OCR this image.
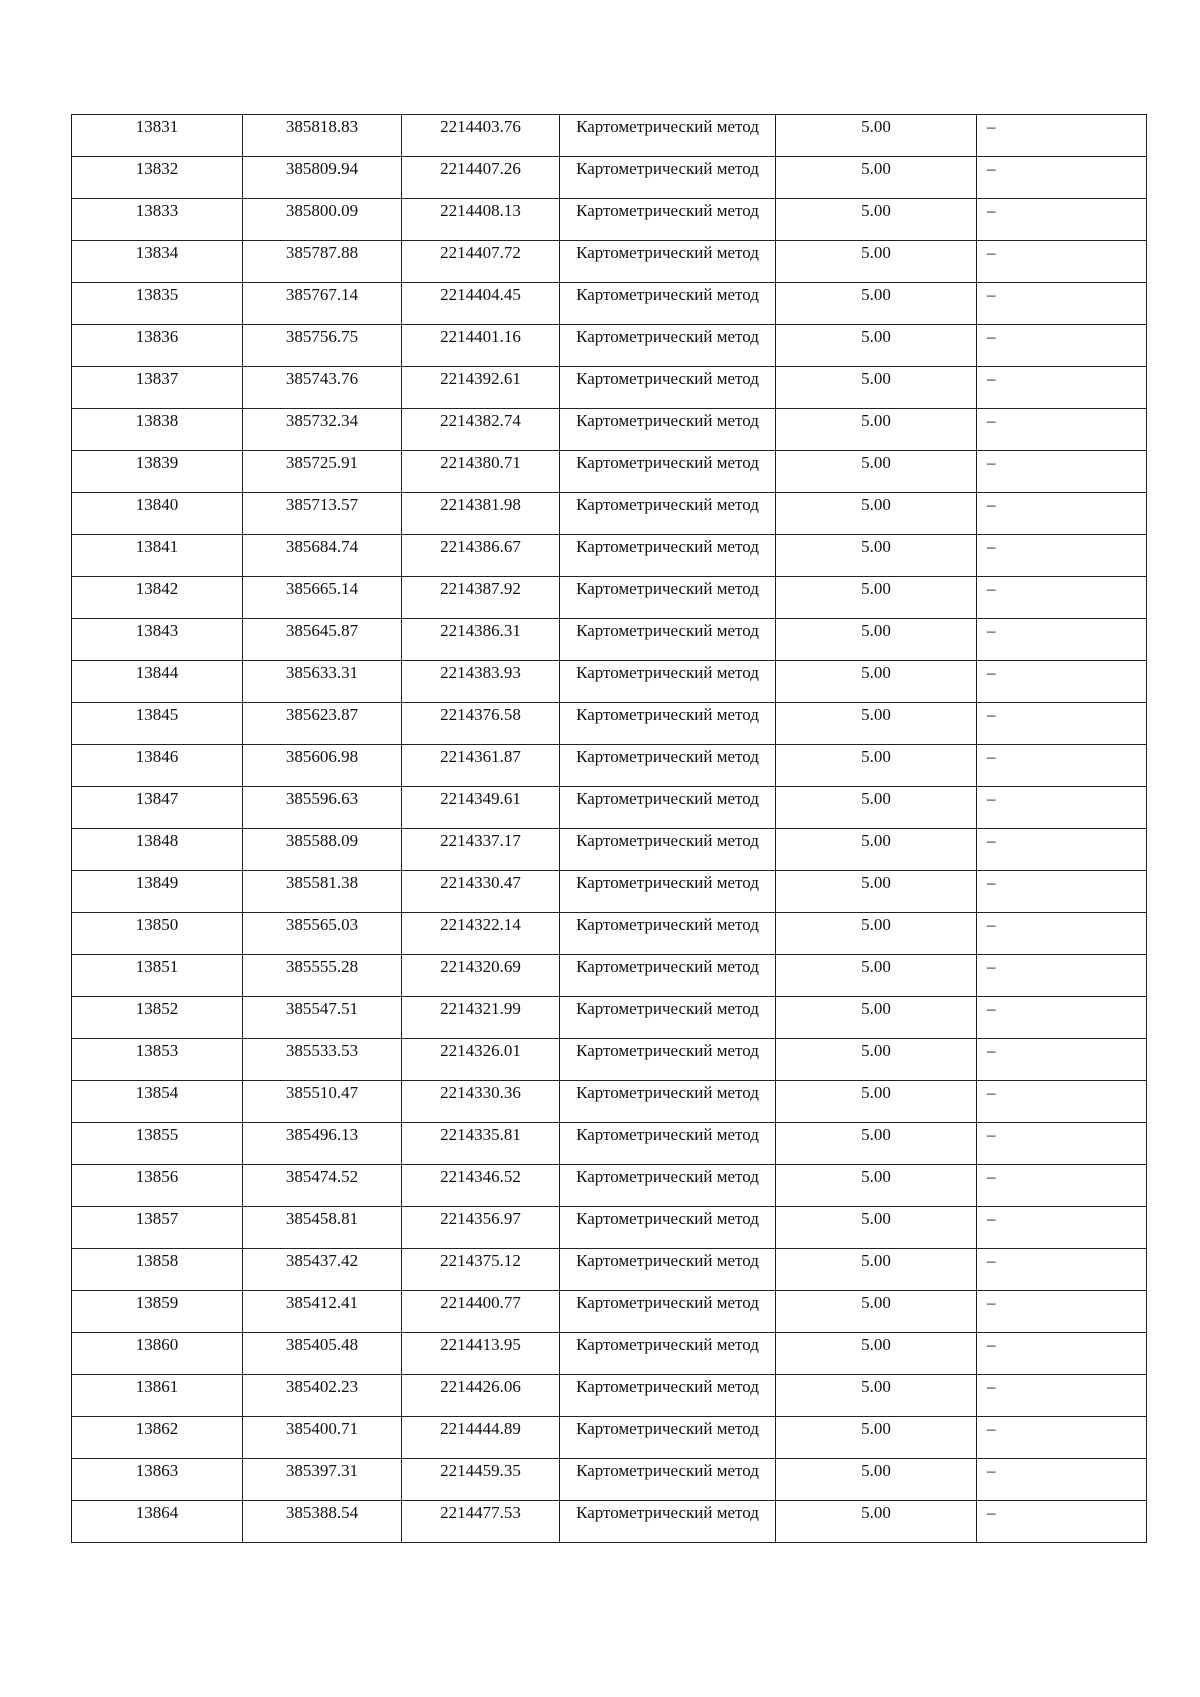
13831	385818.83	2214403.76	Картометрический метод	5.00	–

13832	385809.94	2214407.26	Картометрический метод	5.00	–

13833	385800.09	2214408.13	Картометрический метод	5.00	–

13834	385787.88	2214407.72	Картометрический метод	5.00	–

13835	385767.14	2214404.45	Картометрический метод	5.00	–

13836	385756.75	2214401.16	Картометрический метод	5.00	–

13837	385743.76	2214392.61	Картометрический метод	5.00	–

13838	385732.34	2214382.74	Картометрический метод	5.00	–

13839	385725.91	2214380.71	Картометрический метод	5.00	–

13840	385713.57	2214381.98	Картометрический метод	5.00	–

13841	385684.74	2214386.67	Картометрический метод	5.00	–

13842	385665.14	2214387.92	Картометрический метод	5.00	–

13843	385645.87	2214386.31	Картометрический метод	5.00	–

13844	385633.31	2214383.93	Картометрический метод	5.00	–

13845	385623.87	2214376.58	Картометрический метод	5.00	–

13846	385606.98	2214361.87	Картометрический метод	5.00	–

13847	385596.63	2214349.61	Картометрический метод	5.00	–

13848	385588.09	2214337.17	Картометрический метод	5.00	–

13849	385581.38	2214330.47	Картометрический метод	5.00	–

13850	385565.03	2214322.14	Картометрический метод	5.00	–

13851	385555.28	2214320.69	Картометрический метод	5.00	–

13852	385547.51	2214321.99	Картометрический метод	5.00	–

13853	385533.53	2214326.01	Картометрический метод	5.00	–

13854	385510.47	2214330.36	Картометрический метод	5.00	–

13855	385496.13	2214335.81	Картометрический метод	5.00	–

13856	385474.52	2214346.52	Картометрический метод	5.00	–

13857	385458.81	2214356.97	Картометрический метод	5.00	–

13858	385437.42	2214375.12	Картометрический метод	5.00	–

13859	385412.41	2214400.77	Картометрический метод	5.00	–

13860	385405.48	2214413.95	Картометрический метод	5.00	–

13861	385402.23	2214426.06	Картометрический метод	5.00	–

13862	385400.71	2214444.89	Картометрический метод	5.00	–

13863	385397.31	2214459.35	Картометрический метод	5.00	–

13864	385388.54	2214477.53	Картометрический метод	5.00	–
